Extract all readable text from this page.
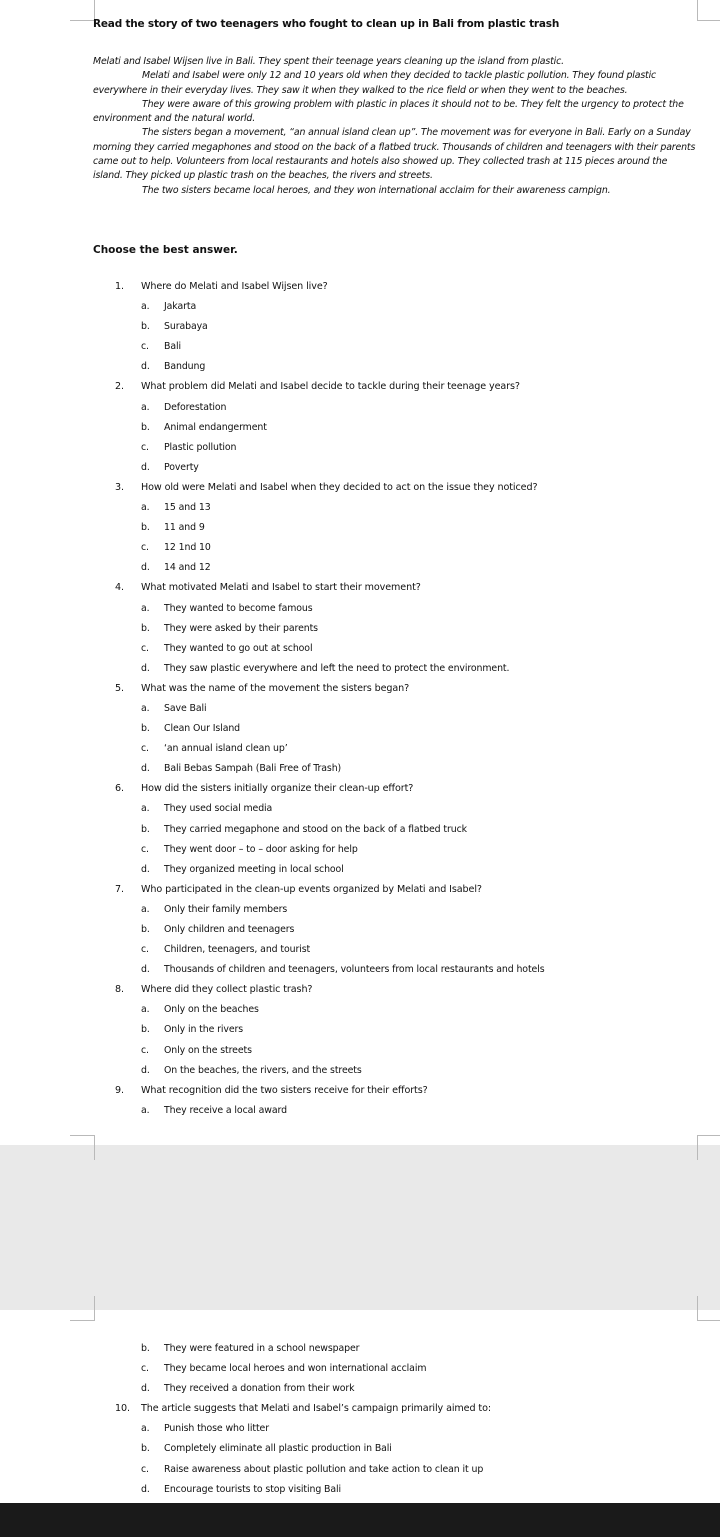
Read the story of two teenagers who fought to clean up in Bali from plastic trash

Melati and Isabel Wijsen live in Bali. They spent their teenage years cleaning up the island from plastic.

Melati and Isabel were only 12 and 10 years old when they decided to tackle plastic pollution. They found plastic everywhere in their everyday lives. They saw it when they walked to the rice field or when they went to the beaches.

They were aware of this growing problem with plastic in places it should not to be. They felt the urgency to protect the environment and the natural world.

The sisters began a movement, “an annual island clean up”. The movement was for everyone in Bali. Early on a Sunday morning they carried megaphones and stood on the back of a flatbed truck. Thousands of children and teenagers with their parents came out to help. Volunteers from local restaurants and hotels also showed up. They collected trash at 115 pieces around the island. They picked up plastic trash on the beaches, the rivers and streets.

The two sisters became local heroes, and they won international acclaim for their awareness campign.

Choose the best answer.
1. Where do Melati and Isabel Wijsen live?
a. Jakarta
b. Surabaya
c. Bali
d. Bandung
2. What problem did Melati and Isabel decide to tackle during their teenage years?
a. Deforestation
b. Animal endangerment
c. Plastic pollution
d. Poverty
3. How old were Melati and Isabel when they decided to act on the issue they noticed?
a. 15 and 13
b. 11 and 9
c. 12 1nd 10
d. 14 and 12
4. What motivated Melati and Isabel to start their movement?
a. They wanted to become famous
b. They were asked by their parents
c. They wanted to go out at school
d. They saw plastic everywhere and left the need to protect the environment.
5. What was the name of the movement the sisters began?
a. Save Bali
b. Clean Our Island
c. ‘an annual island clean up’
d. Bali Bebas Sampah (Bali Free of Trash)
6. How did the sisters initially organize their clean-up effort?
a. They used social media
b. They carried megaphone and stood on the back of a flatbed truck
c. They went door – to – door asking for help
d. They organized meeting in local school
7. Who participated in the clean-up events organized by Melati and Isabel?
a. Only their family members
b. Only children and teenagers
c. Children, teenagers, and tourist
d. Thousands of children and teenagers, volunteers from local restaurants and hotels
8. Where did they collect plastic trash?
a. Only on the beaches
b. Only in the rivers
c. Only on the streets
d. On the beaches, the rivers, and the streets
9. What recognition did the two sisters receive for their efforts?
a. They receive a local award
b. They were featured in a school newspaper
c. They became local heroes and won international acclaim
d. They received a donation from their work
10. The article suggests that Melati and Isabel’s campaign primarily aimed to:
a. Punish those who litter
b. Completely eliminate all plastic production in Bali
c. Raise awareness about plastic pollution and take action to clean it up
d. Encourage tourists to stop visiting Bali
